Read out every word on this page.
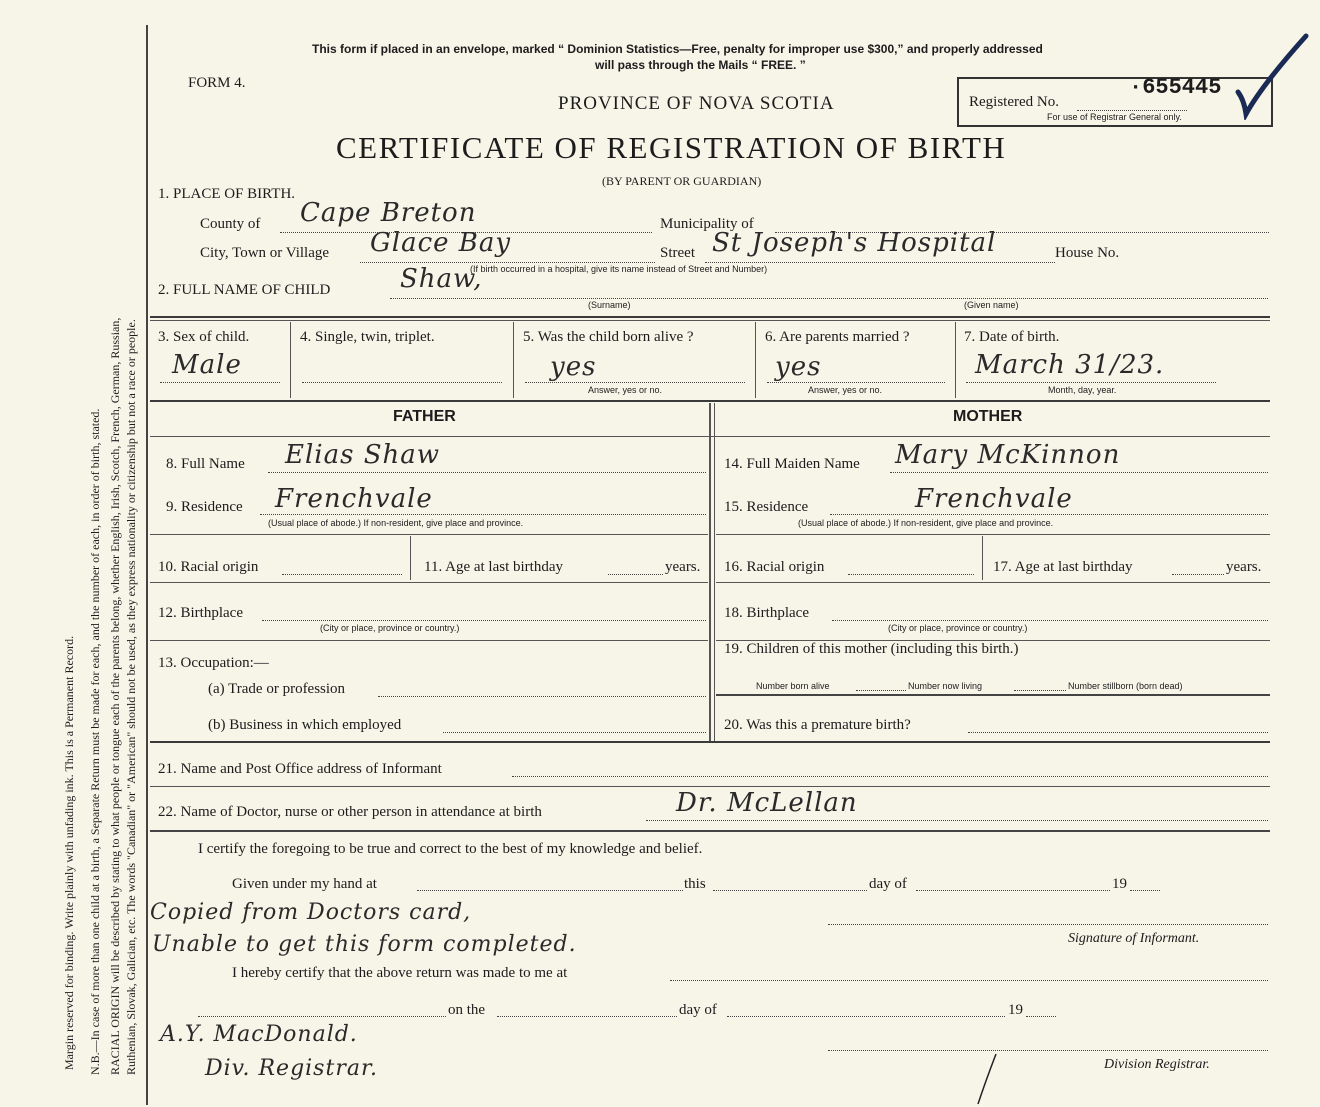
Margin reserved for binding. Write plainly with unfading ink. This is a Permanent Record. N.B.—In case of more than one child at a birth, a Separate Return must be made for each, and the number of each, in order of birth, stated. RACIAL ORIGIN will be described by stating to what people or tongue each of the parents belong, whether English, Irish, Scotch, French, German, Russian, Ruthenian, Slovak, Galician, etc. The words "Canadian" or "American" should not be used, as they express nationality or citizenship but not a race or people.
This form if placed in an envelope, marked “ Dominion Statistics—Free, penalty for improper use $300,” and properly addressed
will pass through the Mails “ FREE. ”
FORM 4.
PROVINCE OF NOVA SCOTIA
CERTIFICATE OF REGISTRATION OF BIRTH
(BY PARENT OR GUARDIAN)
Registered No.
·655445
For use of Registrar General only.
1. PLACE OF BIRTH.
County of Cape Breton	Municipality of
City, Town or Village Glace Bay	Street St Joseph's Hospital	House No.
(If birth occurred in a hospital, give its name instead of Street and Number)
2. FULL NAME OF CHILD	Shaw,
(Surname)	(Given name)
3. Sex of child.
Male
4. Single, twin, triplet.	5. Was the child born alive ?
yes
Answer, yes or no.
6. Are parents married ?
yes
Answer, yes or no.
7. Date of birth.
March 31/23.
Month, day, year.
FATHER	MOTHER
8. Full Name Elias Shaw
9. Residence Frenchvale
(Usual place of abode.) If non-resident, give place and province.
10. Racial origin	11. Age at last birthday	years.
12. Birthplace
(City or place, province or country.)
13. Occupation:—
(a) Trade or profession
(b) Business in which employed
14. Full Maiden Name Mary McKinnon
15. Residence	Frenchvale
(Usual place of abode.) If non-resident, give place and province.
16. Racial origin	17. Age at last birthday	years.
18. Birthplace
(City or place, province or country.)
19. Children of this mother (including this birth.)
Number born alive	Number now living	Number stillborn (born dead)
20. Was this a premature birth?
21. Name and Post Office address of Informant
22. Name of Doctor, nurse or other person in attendance at birth	Dr. McLellan
I certify the foregoing to be true and correct to the best of my knowledge and belief.
Given under my hand at	this	day of	19
Copied from Doctors card,
Unable to get this form completed.	Signature of Informant.
I hereby certify that the above return was made to me at
on the	day of	19
A.Y. MacDonald.
Div. Registrar.	Division Registrar.
